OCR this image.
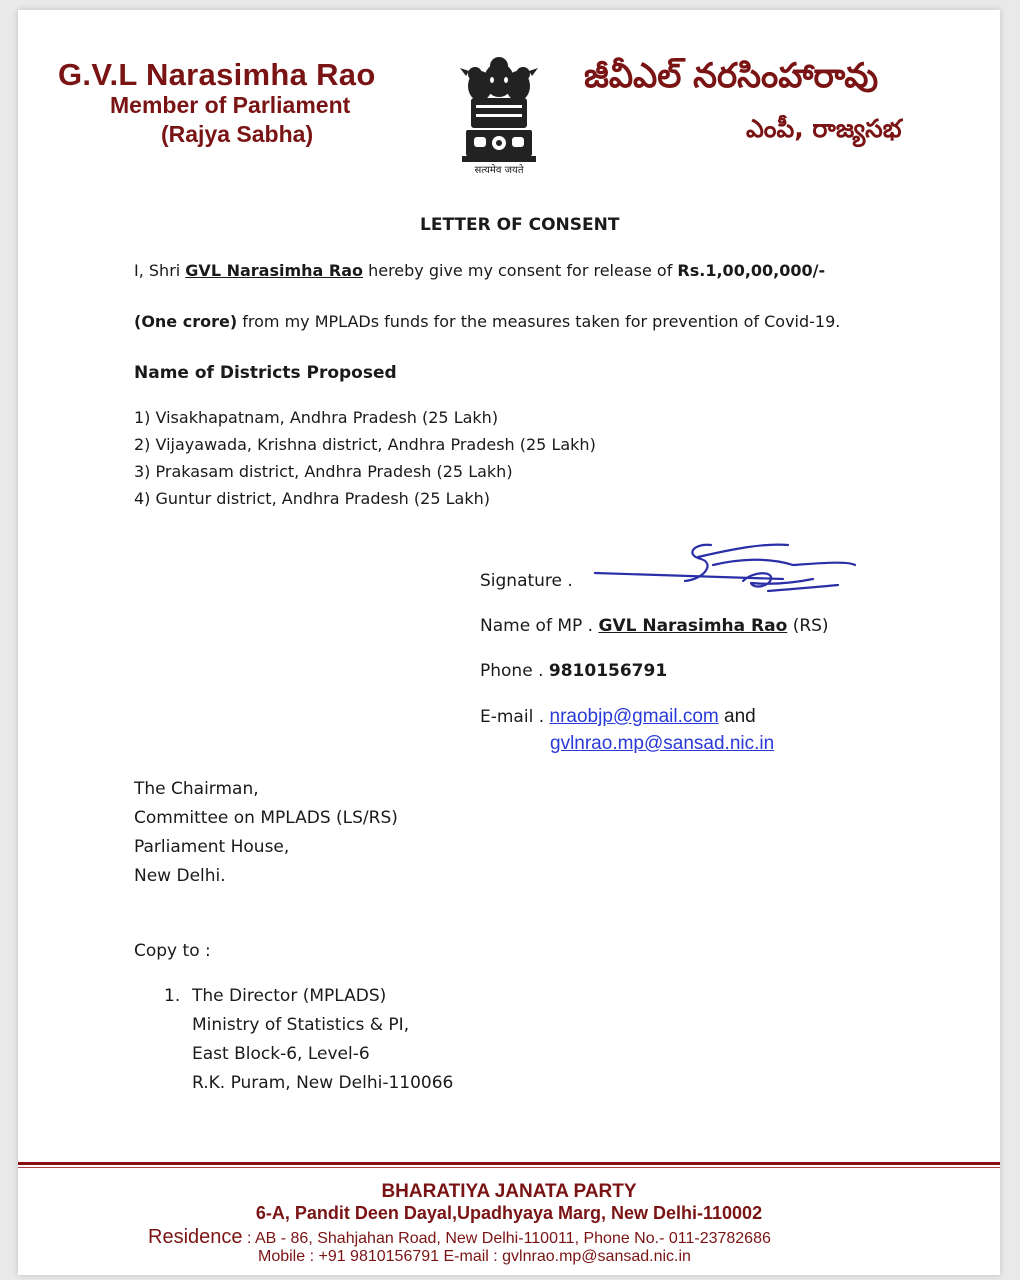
G.V.L Narasimha Rao
Member of Parliament
(Rajya Sabha)
सत्यमेव जयते
జీవీఎల్ నరసింహారావు
ఎంపీ, రాజ్యసభ
LETTER OF CONSENT
I, Shri GVL Narasimha Rao hereby give my consent for release of Rs.1,00,00,000/-
(One crore) from my MPLADs funds for the measures taken for prevention of Covid-19.
Name of Districts Proposed
1) Visakhapatnam, Andhra Pradesh (25 Lakh)
2) Vijayawada, Krishna district, Andhra Pradesh (25 Lakh)
3) Prakasam district, Andhra Pradesh (25 Lakh)
4) Guntur district, Andhra Pradesh (25 Lakh)
Signature .
Name of MP . GVL Narasimha Rao (RS)
Phone . 9810156791
E-mail . nraobjp@gmail.com and
gvlnrao.mp@sansad.nic.in
The Chairman,
Committee on MPLADS (LS/RS)
Parliament House,
New Delhi.
Copy to :
1. The Director (MPLADS)
Ministry of Statistics & PI,
East Block-6, Level-6
R.K. Puram, New Delhi-110066
BHARATIYA JANATA PARTY
6-A, Pandit Deen Dayal,Upadhyaya Marg, New Delhi-110002
Residence : AB - 86, Shahjahan Road, New Delhi-110011, Phone No.- 011-23782686
Mobile : +91 9810156791 E-mail : gvlnrao.mp@sansad.nic.in
